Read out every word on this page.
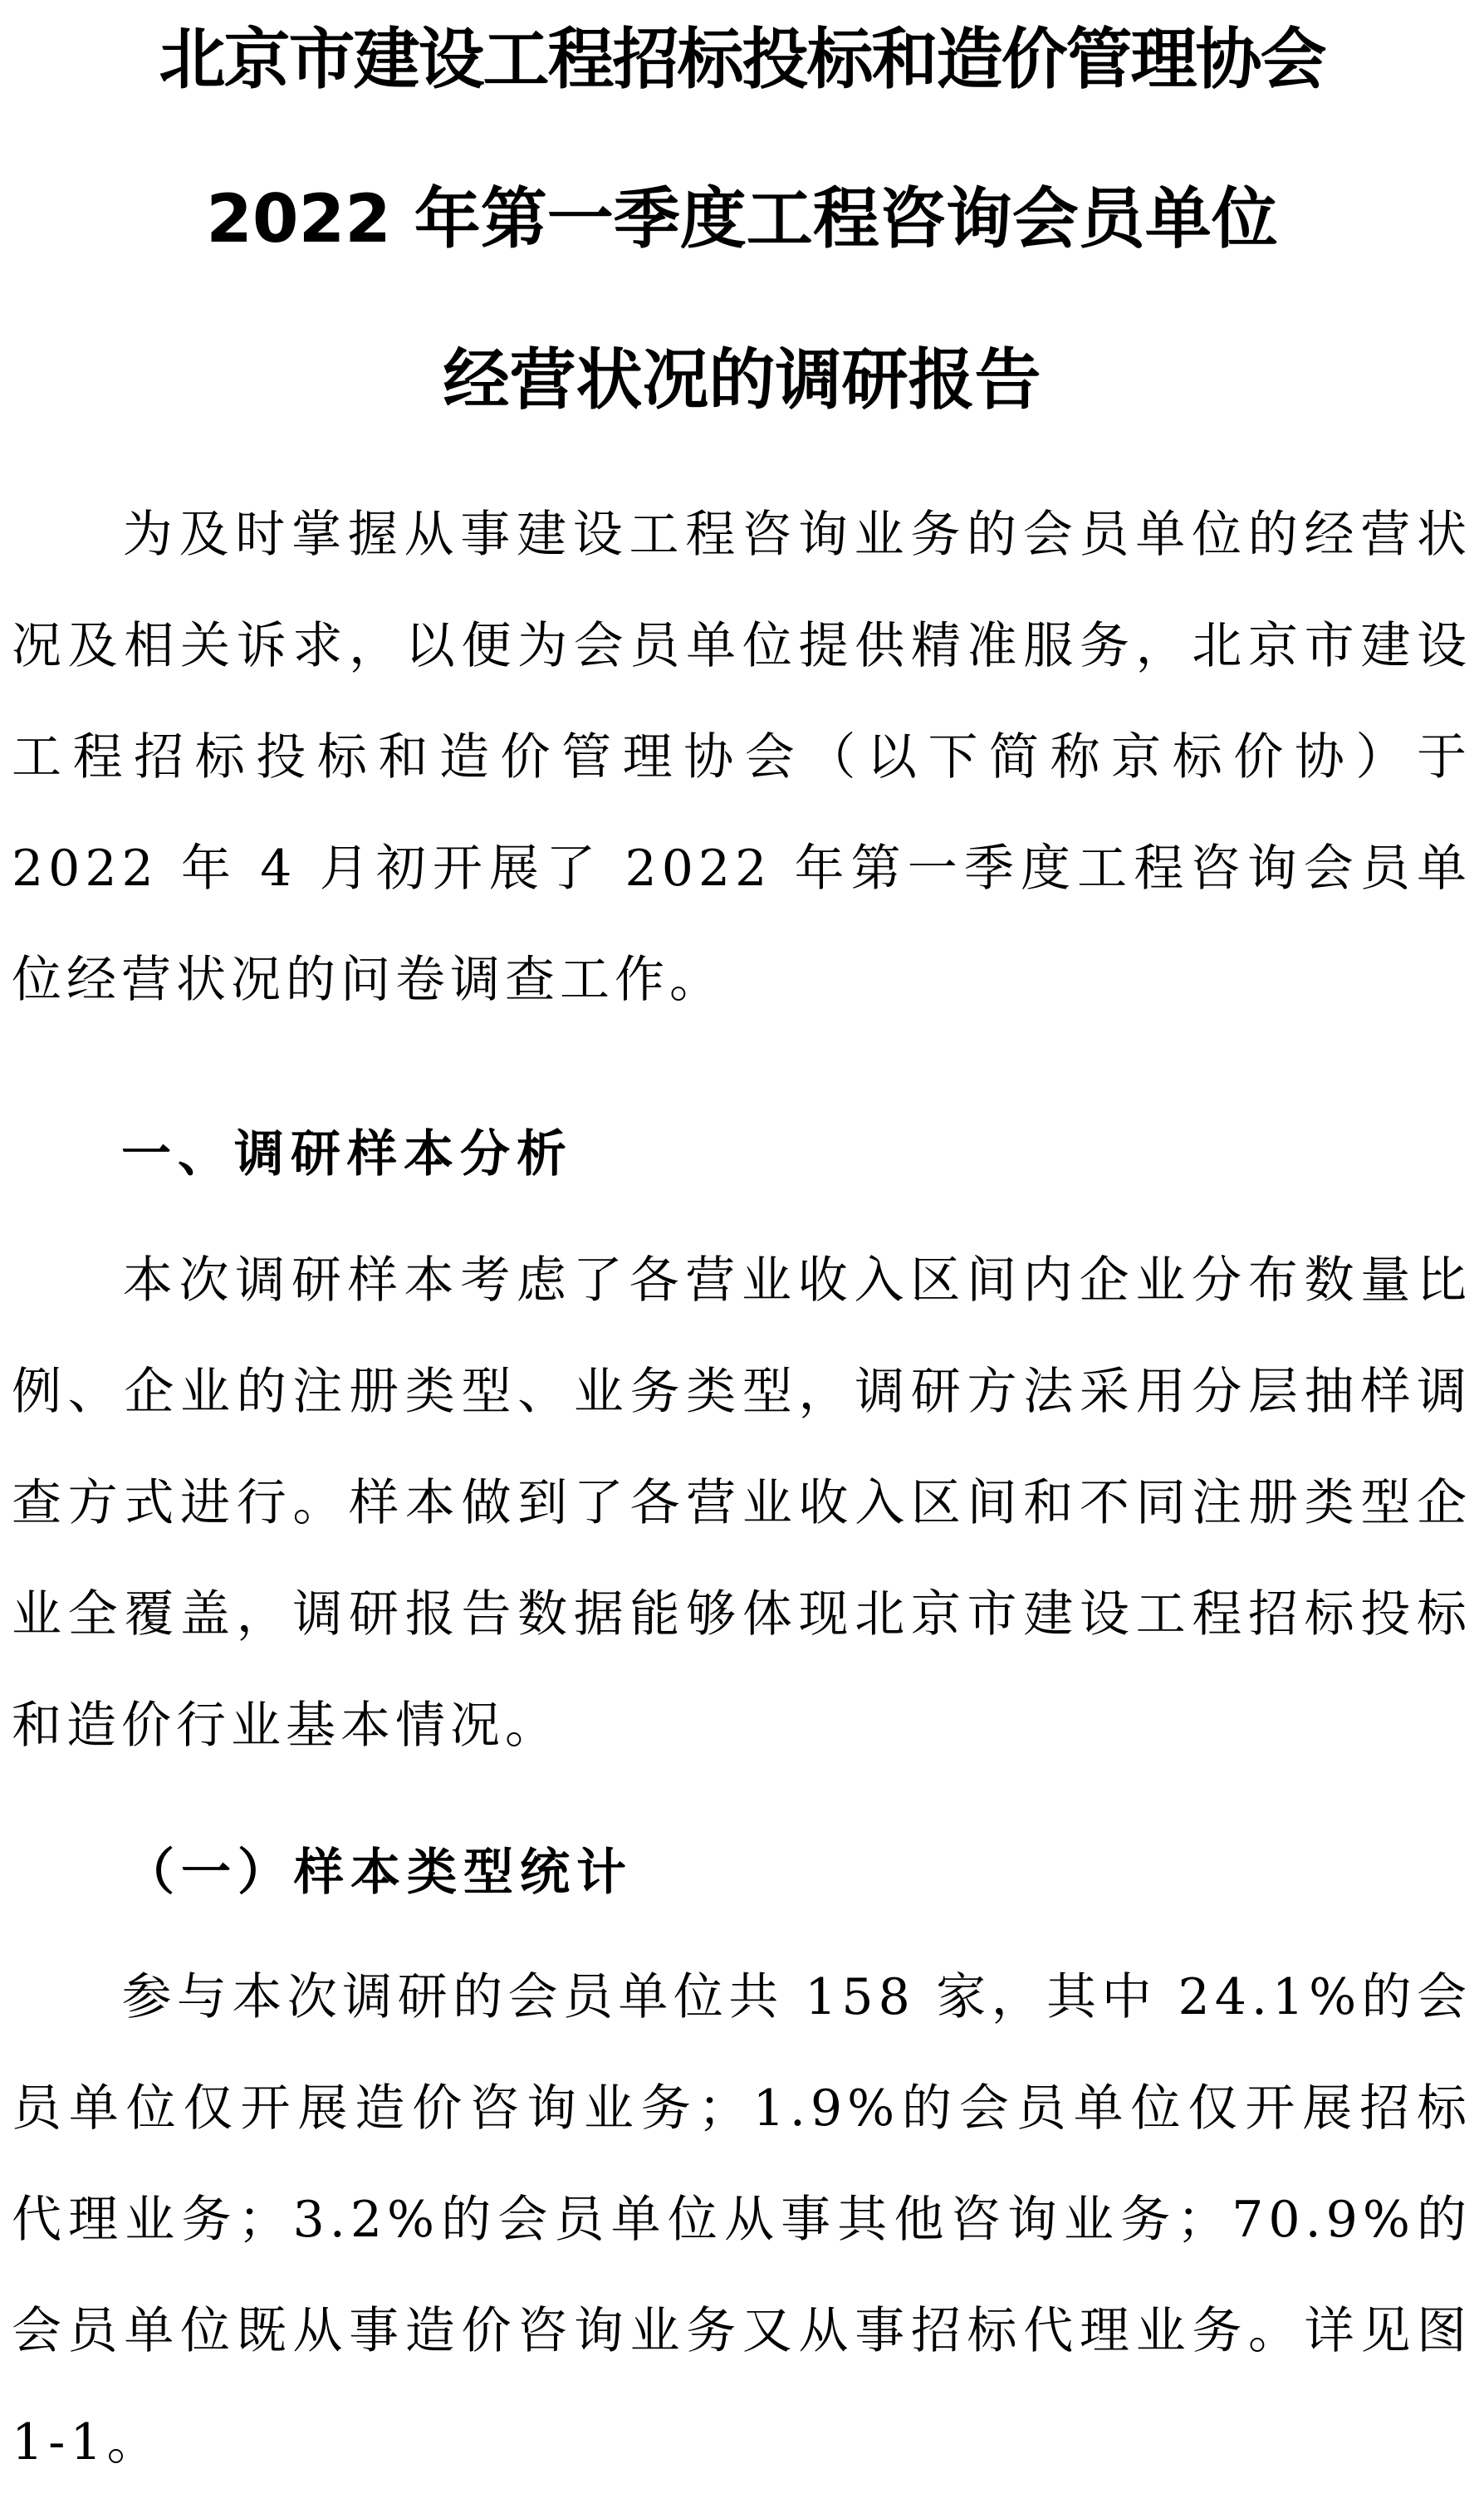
北京市建设工程招标投标和造价管理协会
2022 年第一季度工程咨询会员单位
经营状况的调研报告
为及时掌握从事建设工程咨询业务的会员单位的经营状况及相关诉求，以便为会员单位提供精准服务，北京市建设工程招标投标和造价管理协会（以下简称京标价协）于 2022 年 4 月初开展了 2022 年第一季度工程咨询会员单位经营状况的问卷调查工作。
一、调研样本分析
本次调研样本考虑了各营业收入区间内企业分布数量比例、企业的注册类型、业务类型，调研方法采用分层抽样调查方式进行。样本做到了各营业收入区间和不同注册类型企业全覆盖，调研报告数据能够体现北京市建设工程招标投标和造价行业基本情况。
（一）样本类型统计
参与本次调研的会员单位共 158 家，其中 24.1%的会员单位仅开展造价咨询业务；1.9%的会员单位仅开展招标代理业务；3.2%的会员单位从事其他咨询业务；70.9%的会员单位既从事造价咨询业务又从事招标代理业务。详见图 1-1。
